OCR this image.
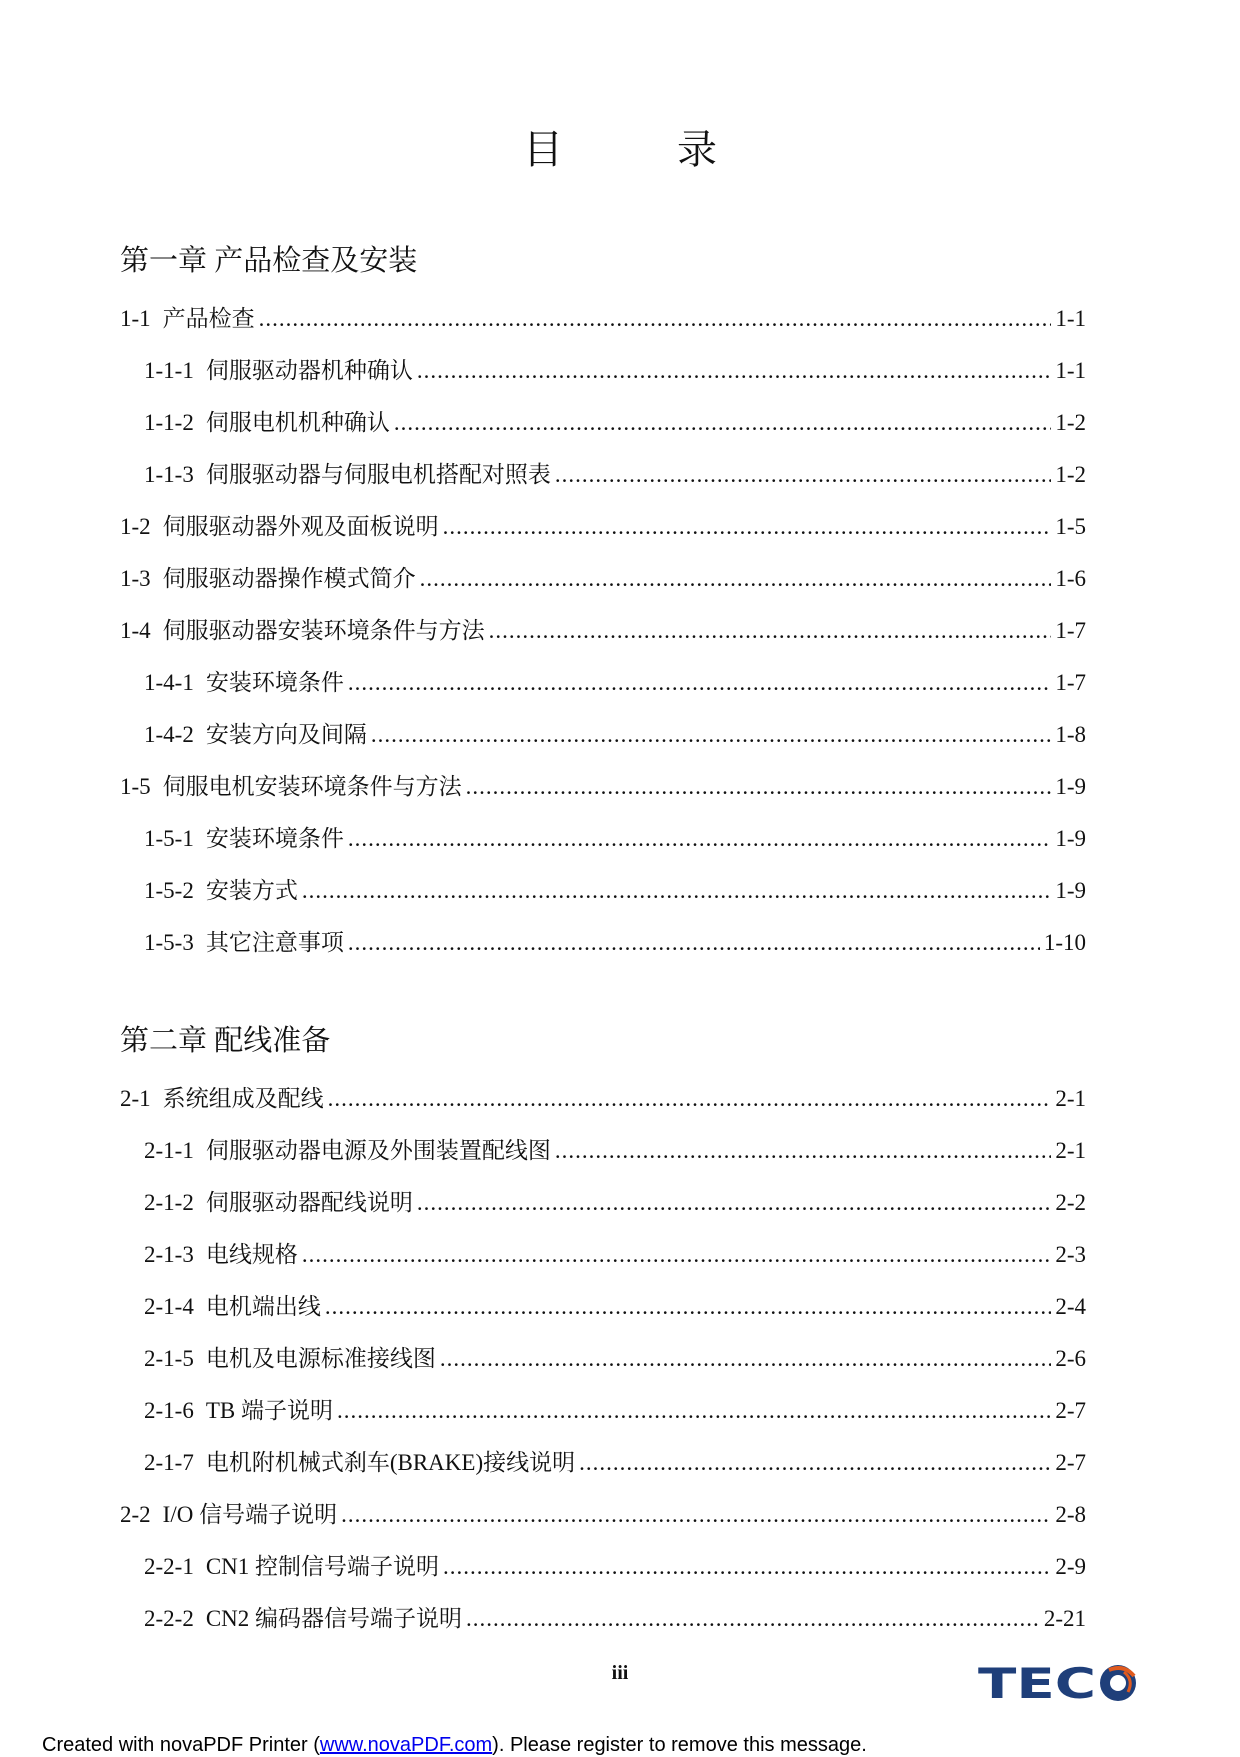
目	录
第一章 产品检查及安装
1-1 产品检查 .....	1-1
1-1-1 伺服驱动器机种确认 .....	1-1
1-1-2 伺服电机机种确认 .....	1-2
1-1-3 伺服驱动器与伺服电机搭配对照表 .....	1-2
1-2 伺服驱动器外观及面板说明 .....	1-5
1-3 伺服驱动器操作模式简介 .....	1-6
1-4 伺服驱动器安装环境条件与方法 .....	1-7
1-4-1 安装环境条件 .....	1-7
1-4-2 安装方向及间隔 .....	1-8
1-5 伺服电机安装环境条件与方法 .....	1-9
1-5-1 安装环境条件 .....	1-9
1-5-2 安装方式 .....	1-9
1-5-3 其它注意事项 .....	1-10
第二章 配线准备
2-1 系统组成及配线 .....	2-1
2-1-1 伺服驱动器电源及外围装置配线图 .....	2-1
2-1-2 伺服驱动器配线说明 .....	2-2
2-1-3 电线规格 .....	2-3
2-1-4 电机端出线 .....	2-4
2-1-5 电机及电源标准接线图 .....	2-6
2-1-6 TB 端子说明 .....	2-7
2-1-7 电机附机械式刹车(BRAKE)接线说明 .....	2-7
2-2 I/O 信号端子说明 .....	2-8
2-2-1 CN1 控制信号端子说明 .....	2-9
2-2-2 CN2 编码器信号端子说明 .....	2-21
iii	TEC
Created with novaPDF Printer (www.novaPDF.com). Please register to remove this message.
